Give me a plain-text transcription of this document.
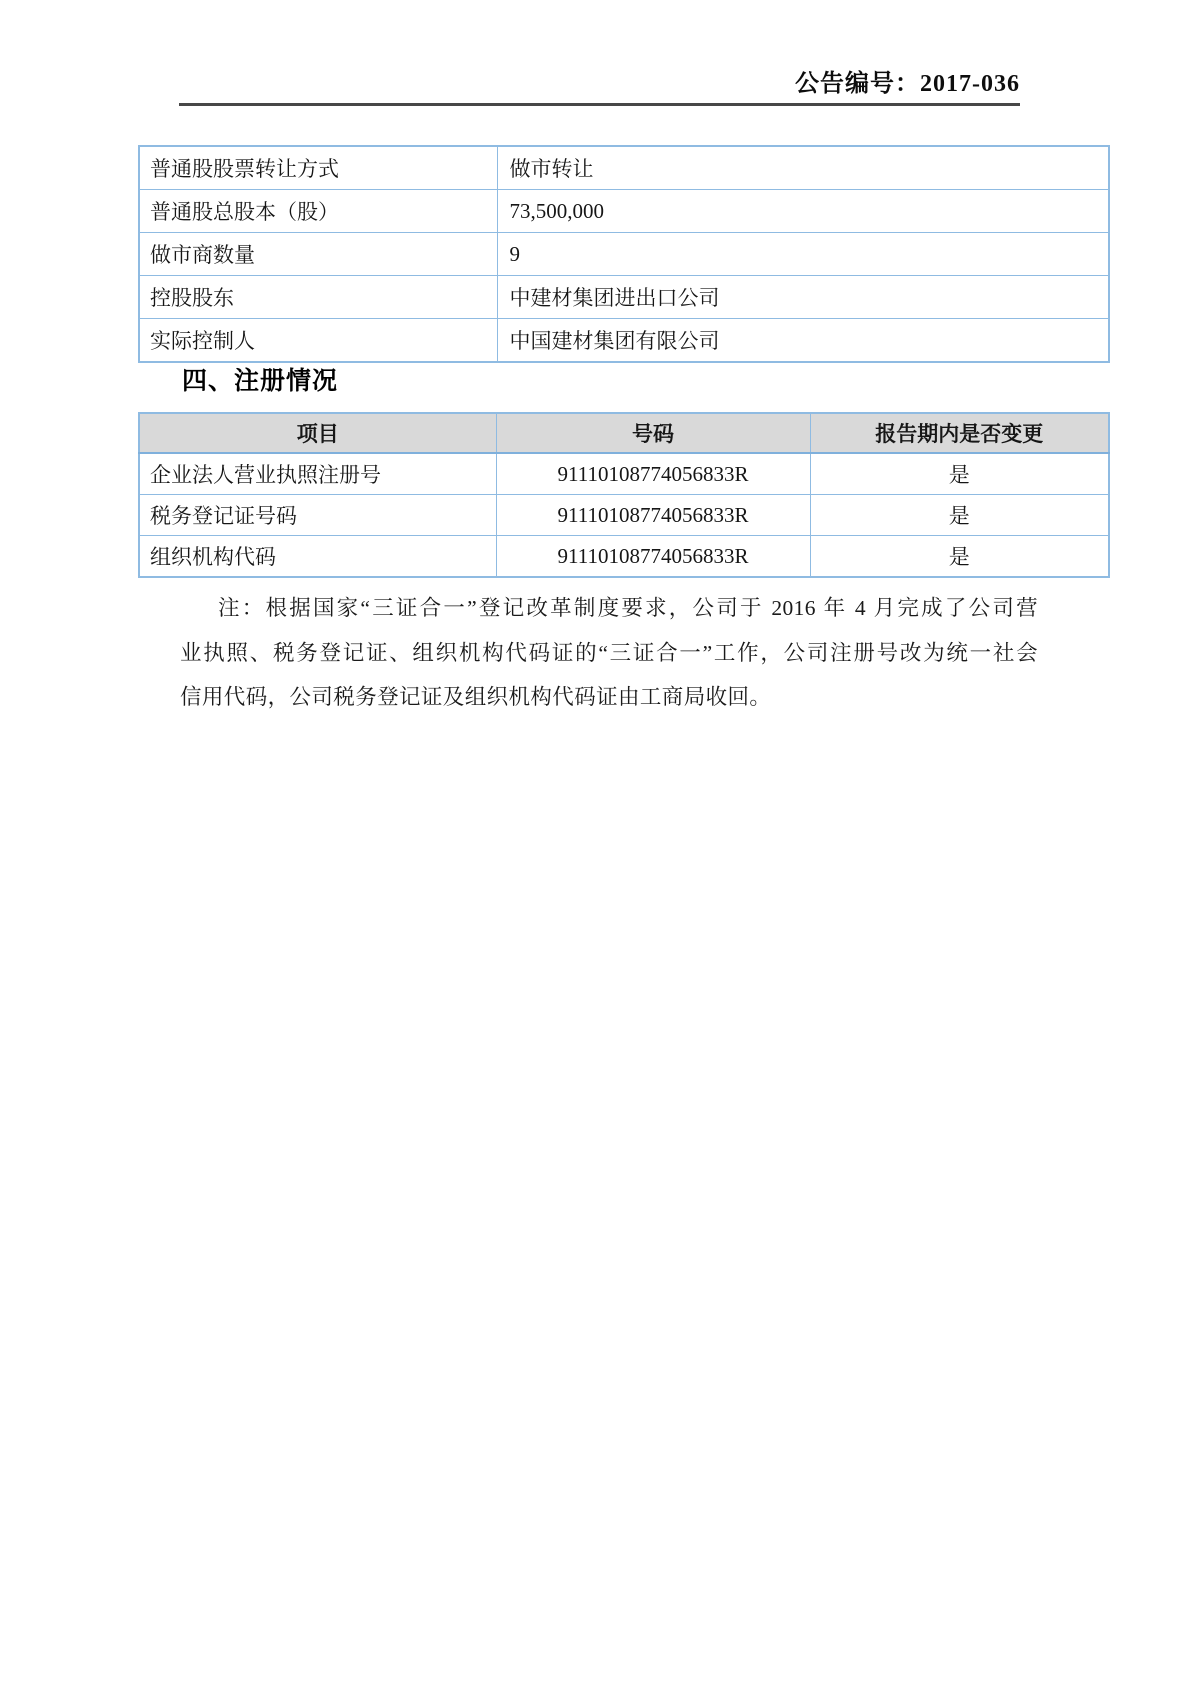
公告编号：2017-036
普通股股票转让方式	做市转让
普通股总股本（股）	73,500,000
做市商数量	9
控股股东	中建材集团进出口公司
实际控制人	中国建材集团有限公司
四、注册情况
项目	号码	报告期内是否变更
企业法人营业执照注册号	91110108774056833R	是
税务登记证号码	91110108774056833R	是
组织机构代码	91110108774056833R	是
注：根据国家“三证合一”登记改革制度要求，公司于 2016 年 4 月完成了公司营
业执照、税务登记证、组织机构代码证的“三证合一”工作，公司注册号改为统一社会
信用代码，公司税务登记证及组织机构代码证由工商局收回。
